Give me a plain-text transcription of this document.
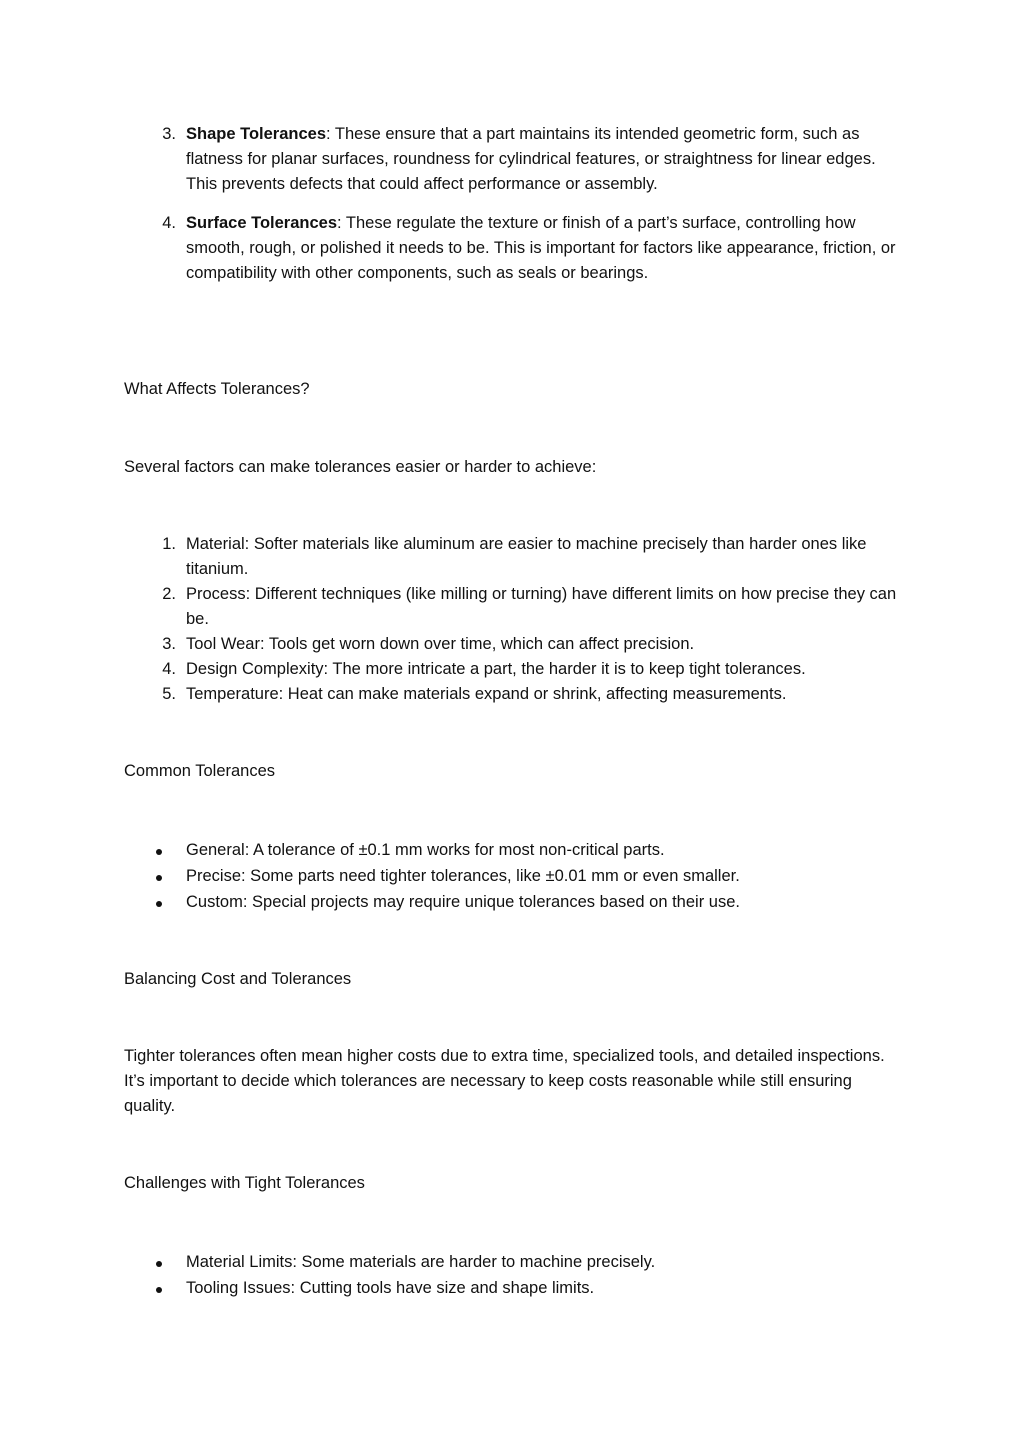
3. Shape Tolerances: These ensure that a part maintains its intended geometric form, such as flatness for planar surfaces, roundness for cylindrical features, or straightness for linear edges. This prevents defects that could affect performance or assembly.
4. Surface Tolerances: These regulate the texture or finish of a part’s surface, controlling how smooth, rough, or polished it needs to be. This is important for factors like appearance, friction, or compatibility with other components, such as seals or bearings.
What Affects Tolerances?
Several factors can make tolerances easier or harder to achieve:
1. Material: Softer materials like aluminum are easier to machine precisely than harder ones like titanium.
2. Process: Different techniques (like milling or turning) have different limits on how precise they can be.
3. Tool Wear: Tools get worn down over time, which can affect precision.
4. Design Complexity: The more intricate a part, the harder it is to keep tight tolerances.
5. Temperature: Heat can make materials expand or shrink, affecting measurements.
Common Tolerances
General: A tolerance of ±0.1 mm works for most non-critical parts.
Precise: Some parts need tighter tolerances, like ±0.01 mm or even smaller.
Custom: Special projects may require unique tolerances based on their use.
Balancing Cost and Tolerances
Tighter tolerances often mean higher costs due to extra time, specialized tools, and detailed inspections. It’s important to decide which tolerances are necessary to keep costs reasonable while still ensuring quality.
Challenges with Tight Tolerances
Material Limits: Some materials are harder to machine precisely.
Tooling Issues: Cutting tools have size and shape limits.
